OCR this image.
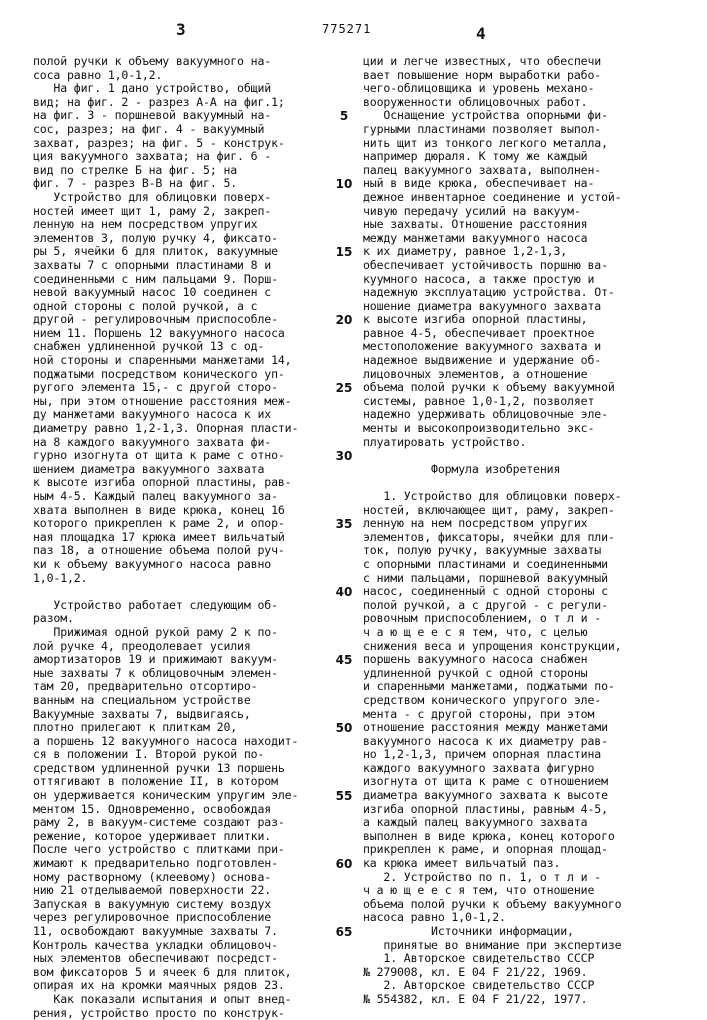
3	775271	4
полой ручки к объему вакуумного на-
соса равно 1,0-1,2.
На фиг. 1 дано устройство, общий
вид; на фиг. 2 - разрез А-А на фиг.1;
на фиг. 3 - поршневой вакуумный на-
сос, разрез; на фиг. 4 - вакуумный
захват, разрез; на фиг. 5 - конструк-
ция вакуумного захвата; на фиг. 6 -
вид по стрелке Б на фиг. 5; на
фиг. 7 - разрез В-В на фиг. 5.
Устройство для облицовки поверх-
ностей имеет щит 1, раму 2, закреп-
ленную на нем посредством упругих
элементов 3, полую ручку 4, фиксато-
ры 5, ячейки 6 для плиток, вакуумные
захваты 7 с опорными пластинами 8 и
соединенными с ним пальцами 9. Порш-
невой вакуумный насос 10 соединен с
одной стороны с полой ручкой, а с
другой - регулировочным приспособле-
нием 11. Поршень 12 вакуумного насоса
снабжен удлиненной ручкой 13 с од-
ной стороны и спаренными манжетами 14,
поджатыми посредством конического уп-
ругого элемента 15,- с другой сторо-
ны, при этом отношение расстояния меж-
ду манжетами вакуумного насоса к их
диаметру равно 1,2-1,3. Опорная пласти-
на 8 каждого вакуумного захвата фи-
гурно изогнута от щита к раме с отно-
шением диаметра вакуумного захвата
к высоте изгиба опорной пластины, рав-
ным 4-5. Каждый палец вакуумного за-
хвата выполнен в виде крюка, конец 16
которого прикреплен к раме 2, и опор-
ная площадка 17 крюка имеет вильчатый
паз 18, а отношение объема полой руч-
ки к объему вакуумного насоса равно
1,0-1,2.
Устройство работает следующим об-
разом.
Прижимая одной рукой раму 2 к по-
лой ручке 4, преодолевает усилия
амортизаторов 19 и прижимают вакуум-
ные захваты 7 к облицовочным элемен-
там 20, предварительно отсортиро-
ванным на специальном устройстве
Вакуумные захваты 7, выдвигаясь,
плотно прилегают к плиткам 20,
а поршень 12 вакуумного насоса находит-
ся в положении I. Второй рукой по-
средством удлиненной ручки 13 поршень
оттягивают в положение II, в котором
он удерживается коническим упругим эле-
ментом 15. Одновременно, освобождая
раму 2, в вакуум-системе создают раз-
режение, которое удерживает плитки.
После чего устройство с плитками при-
жимают к предварительно подготовлен-
ному растворному (клеевому) основа-
нию 21 отделываемой поверхности 22.
Запуская в вакуумную систему воздух
через регулировочное приспособление
11, освобождают вакуумные захваты 7.
Контроль качества укладки облицовоч-
ных элементов обеспечивают посредст-
вом фиксаторов 5 и ячеек 6 для плиток,
опирая их на кромки маячных рядов 23.
Как показали испытания и опыт внед-
рения, устройство просто по конструк-
5
10
15
20
25
30
35
40
45
50
55
60
65
ции и легче известных, что обеспечи
вает повышение норм выработки рабо-
чего-облицовщика и уровень механо-
вооруженности облицовочных работ.
Оснащение устройства опорными фи-
гурными пластинами позволяет выпол-
нить щит из тонкого легкого металла,
например дюраля. К тому же каждый
палец вакуумного захвата, выполнен-
ный в виде крюка, обеспечивает на-
дежное инвентарное соединение и устой-
чивую передачу усилий на вакуум-
ные захваты. Отношение расстояния
между манжетами вакуумного насоса
к их диаметру, равное 1,2-1,3,
обеспечивает устойчивость поршню ва-
куумного насоса, а также простую и
надежную эксплуатацию устройства. От-
ношение диаметра вакуумного захвата
к высоте изгиба опорной пластины,
равное 4-5, обеспечивает проектное
местоположение вакуумного захвата и
надежное выдвижение и удержание об-
лицовочных элементов, а отношение
объема полой ручки к объему вакуумной
системы, равное 1,0-1,2, позволяет
надежно удерживать облицовочные эле-
менты и высокопроизводительно экс-
плуатировать устройство.
Формула изобретения
1. Устройство для облицовки поверх-
ностей, включающее щит, раму, закреп-
ленную на нем посредством упругих
элементов, фиксаторы, ячейки для пли-
ток, полую ручку, вакуумные захваты
с опорными пластинами и соединенными
с ними пальцами, поршневой вакуумный
насос, соединенный с одной стороны с
полой ручкой, а с другой - с регули-
ровочным приспособлением, о т л и -
ч а ю щ е е с я тем, что, с целью
снижения веса и упрощения конструкции,
поршень вакуумного насоса снабжен
удлиненной ручкой с одной стороны
и спаренными манжетами, поджатыми по-
средством конического упругого эле-
мента - с другой стороны, при этом
отношение расстояния между манжетами
вакуумного насоса к их диаметру рав-
но 1,2-1,3, причем опорная пластина
каждого вакуумного захвата фигурно
изогнута от щита к раме с отношением
диаметра вакуумного захвата к высоте
изгиба опорной пластины, равным 4-5,
а каждый палец вакуумного захвата
выполнен в виде крюка, конец которого
прикреплен к раме, и опорная площад-
ка крюка имеет вильчатый паз.
2. Устройство по п. 1, о т л и -
ч а ю щ е е с я тем, что отношение
объема полой ручки к объему вакуумного
насоса равно 1,0-1,2.
Источники информации,
принятые во внимание при экспертизе
1. Авторское свидетельство СССР
№ 279008, кл. Е 04 F 21/22, 1969.
2. Авторское свидетельство СССР
№ 554382, кл. Е 04 F 21/22, 1977.
